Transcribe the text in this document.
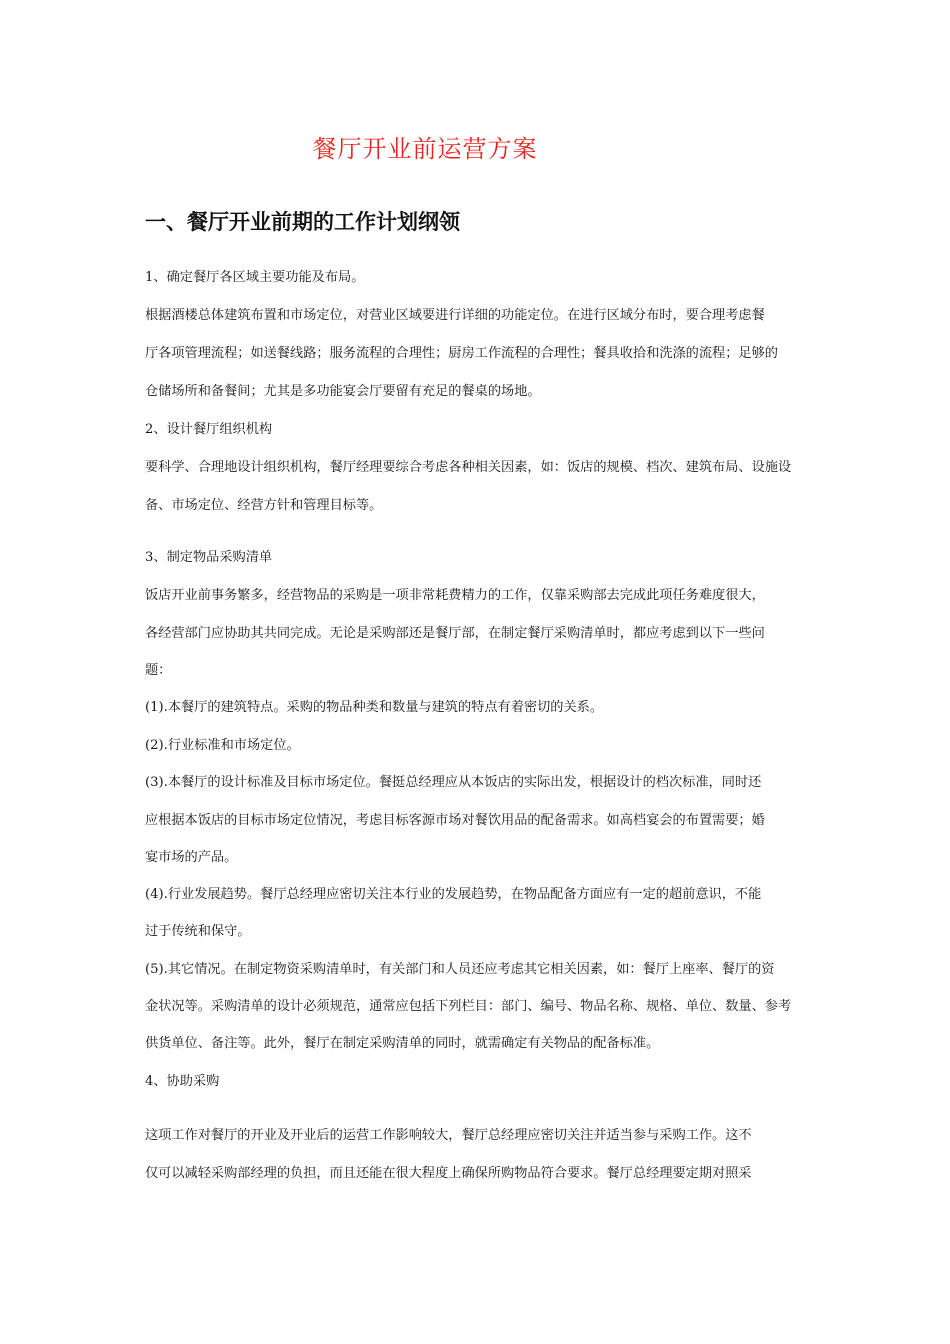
餐厅开业前运营方案
一、餐厅开业前期的工作计划纲领
1、确定餐厅各区域主要功能及布局。
根据酒楼总体建筑布置和市场定位，对营业区域要进行详细的功能定位。在进行区域分布时，要合理考虑餐
厅各项管理流程；如送餐线路；服务流程的合理性；厨房工作流程的合理性；餐具收拾和洗涤的流程；足够的
仓储场所和备餐间；尤其是多功能宴会厅要留有充足的餐桌的场地。
2、设计餐厅组织机构
要科学、合理地设计组织机构，餐厅经理要综合考虑各种相关因素，如：饭店的规模、档次、建筑布局、设施设
备、市场定位、经营方针和管理目标等。
3、制定物品采购清单
饭店开业前事务繁多，经营物品的采购是一项非常耗费精力的工作，仅靠采购部去完成此项任务难度很大，
各经营部门应协助其共同完成。无论是采购部还是餐厅部，在制定餐厅采购清单时，都应考虑到以下一些问
题：
(1).本餐厅的建筑特点。采购的物品种类和数量与建筑的特点有着密切的关系。
(2).行业标准和市场定位。
(3).本餐厅的设计标准及目标市场定位。餐挺总经理应从本饭店的实际出发，根据设计的档次标准，同时还
应根据本饭店的目标市场定位情况，考虑目标客源市场对餐饮用品的配备需求。如高档宴会的布置需要；婚
宴市场的产品。
(4).行业发展趋势。餐厅总经理应密切关注本行业的发展趋势，在物品配备方面应有一定的超前意识，不能
过于传统和保守。
(5).其它情况。在制定物资采购清单时，有关部门和人员还应考虑其它相关因素，如：餐厅上座率、餐厅的资
金状况等。采购清单的设计必须规范，通常应包括下列栏目：部门、编号、物品名称、规格、单位、数量、参考
供货单位、备注等。此外，餐厅在制定采购清单的同时，就需确定有关物品的配备标准。
4、协助采购
这项工作对餐厅的开业及开业后的运营工作影响较大，餐厅总经理应密切关注并适当参与采购工作。这不
仅可以减轻采购部经理的负担，而且还能在很大程度上确保所购物品符合要求。餐厅总经理要定期对照采
